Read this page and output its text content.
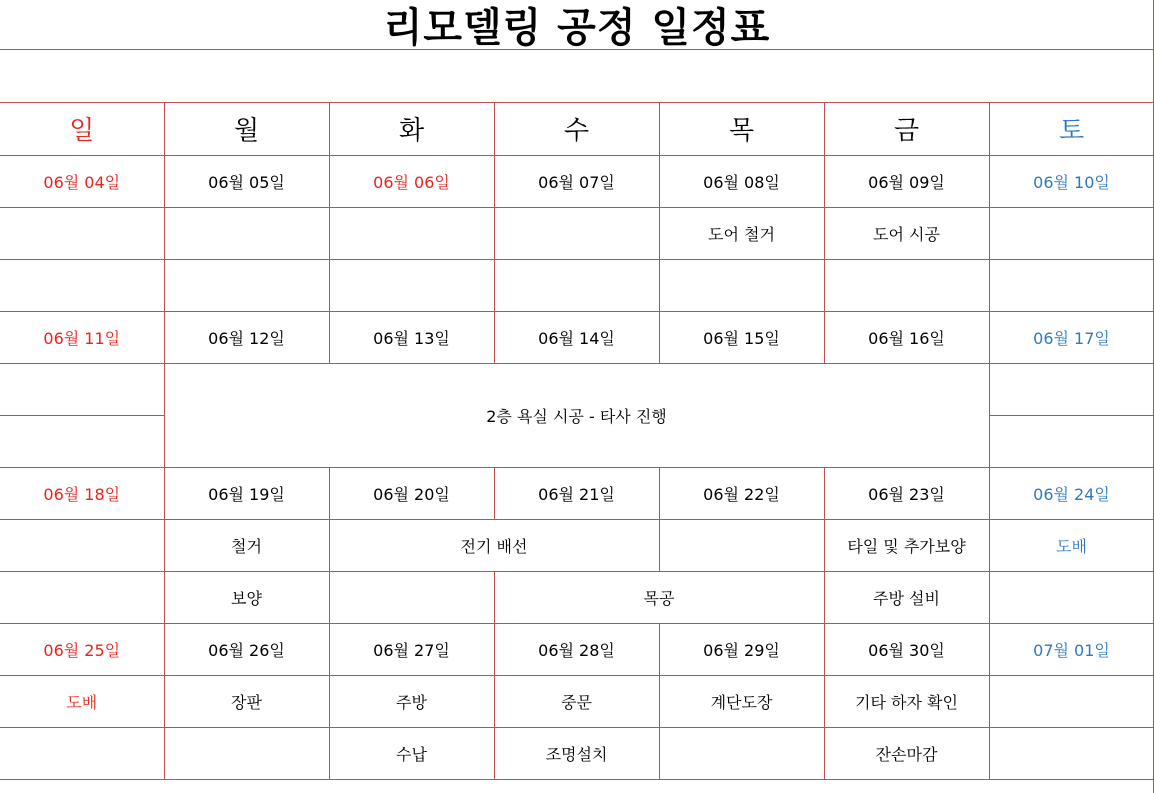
리모델링 공정 일정표
일	월	화	수	목	금	토
06월 04일	06월 05일	06월 06일	06월 07일	06월 08일	06월 09일	06월 10일
				도어 철거	도어 시공	

06월 11일	06월 12일	06월 13일	06월 14일	06월 15일	06월 16일	06월 17일
	2층 욕실 시공 - 타사 진행					

06월 18일	06월 19일	06월 20일	06월 21일	06월 22일	06월 23일	06월 24일
	철거	전기 배선			타일 및 추가보양	도배
	보양		목공		주방 설비	
06월 25일	06월 26일	06월 27일	06월 28일	06월 29일	06월 30일	07월 01일
도배	장판	주방	중문	계단도장	기타 하자 확인	
		수납	조명설치		잔손마감	
